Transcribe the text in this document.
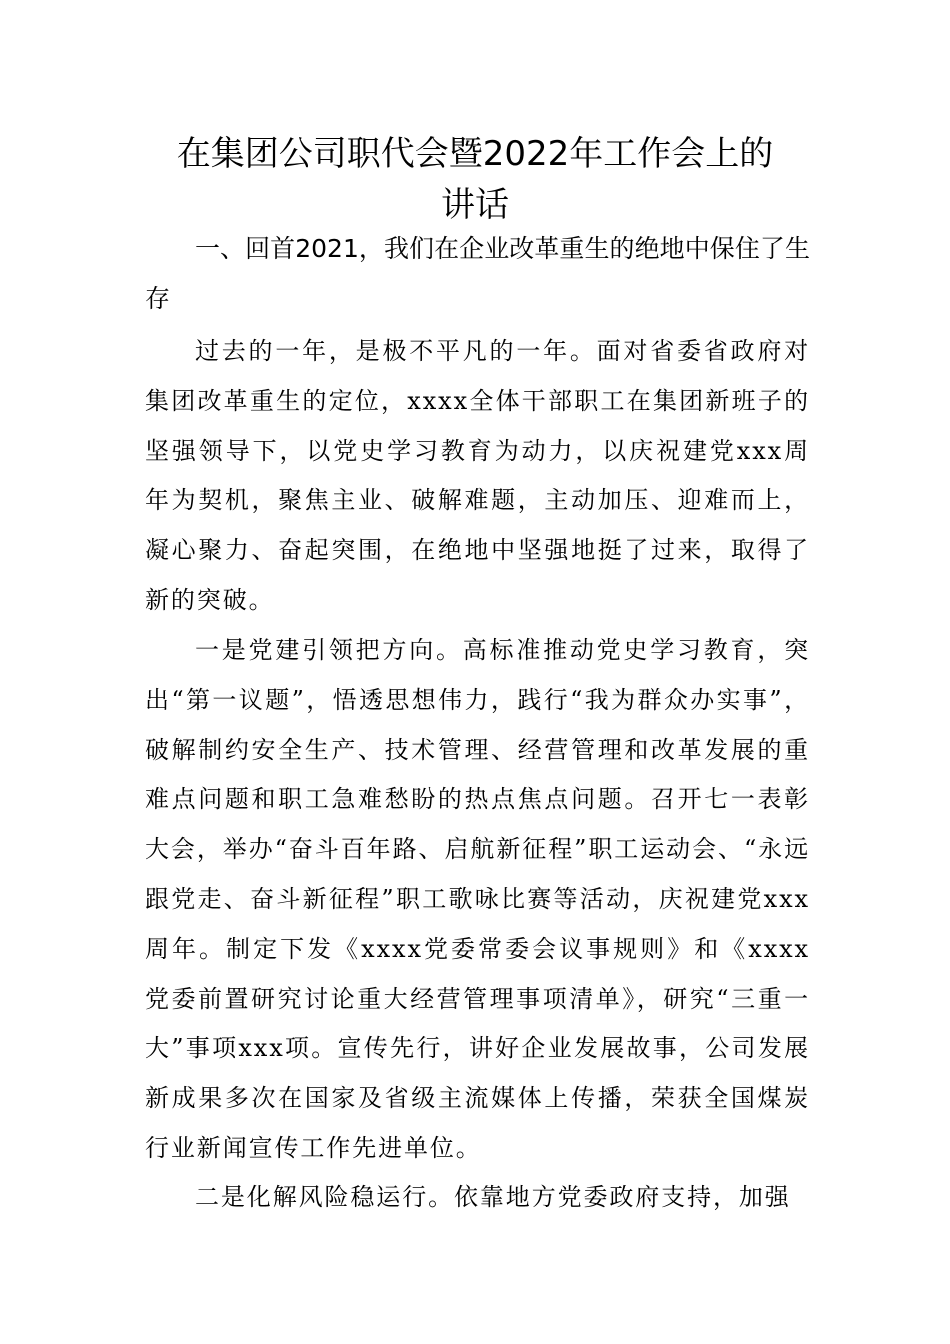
在集团公司职代会暨2022年工作会上的
讲话

一、回首2021，我们在企业改革重生的绝地中保住了生存

过去的一年，是极不平凡的一年。面对省委省政府对集团改革重生的定位，xxxx全体干部职工在集团新班子的坚强领导下，以党史学习教育为动力，以庆祝建党xxx周年为契机，聚焦主业、破解难题，主动加压、迎难而上，凝心聚力、奋起突围，在绝地中坚强地挺了过来，取得了新的突破。

一是党建引领把方向。高标准推动党史学习教育，突出“第一议题”，悟透思想伟力，践行“我为群众办实事”，破解制约安全生产、技术管理、经营管理和改革发展的重难点问题和职工急难愁盼的热点焦点问题。召开七一表彰大会，举办“奋斗百年路、启航新征程”职工运动会、“永远跟党走、奋斗新征程”职工歌咏比赛等活动，庆祝建党xxx周年。制定下发《xxxx党委常委会议事规则》和《xxxx党委前置研究讨论重大经营管理事项清单》，研究“三重一大”事项xxx项。宣传先行，讲好企业发展故事，公司发展新成果多次在国家及省级主流媒体上传播，荣获全国煤炭行业新闻宣传工作先进单位。

二是化解风险稳运行。依靠地方党委政府支持，加强
